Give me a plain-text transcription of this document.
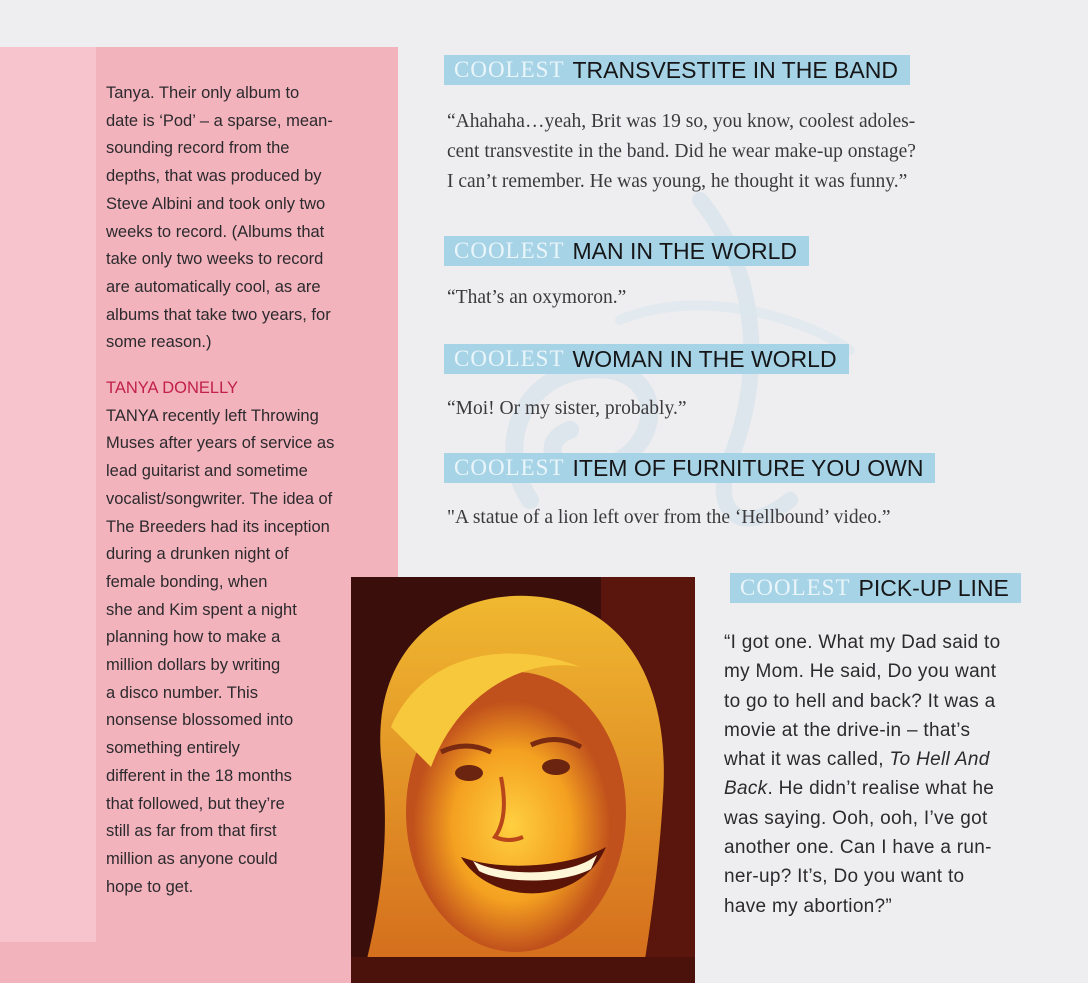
Tanya. Their only album to

date is ‘Pod’ – a sparse, mean-

sounding record from the

depths, that was produced by

Steve Albini and took only two

weeks to record. (Albums that

take only two weeks to record

are automatically cool, as are

albums that take two years, for

some reason.)

TANYA DONELLY

TANYA recently left Throwing

Muses after years of service as

lead guitarist and sometime

vocalist/songwriter. The idea of

The Breeders had its inception

during a drunken night of

female bonding, when

she and Kim spent a night

planning how to make a

million dollars by writing

a disco number. This

nonsense blossomed into

something entirely

different in the 18 months

that followed, but they’re

still as far from that first

million as anyone could

hope to get.

COOLEST TRANSVESTITE IN THE BAND
“Ahahaha…yeah, Brit was 19 so, you know, coolest adoles-
cent transvestite in the band. Did he wear make-up onstage?
I can’t remember. He was young, he thought it was funny.”
COOLEST MAN IN THE WORLD

“That’s an oxymoron.”

COOLEST WOMAN IN THE WORLD

“Moi! Or my sister, probably.”

COOLEST ITEM OF FURNITURE YOU OWN

"A statue of a lion left over from the ‘Hellbound’ video.”

COOLEST PICK-UP LINE
“I got one. What my Dad said to
my Mom. He said, Do you want
to go to hell and back? It was a
movie at the drive-in – that’s
what it was called, To Hell And
Back. He didn’t realise what he
was saying. Ooh, ooh, I’ve got
another one. Can I have a run-
ner-up? It’s, Do you want to
have my abortion?”
